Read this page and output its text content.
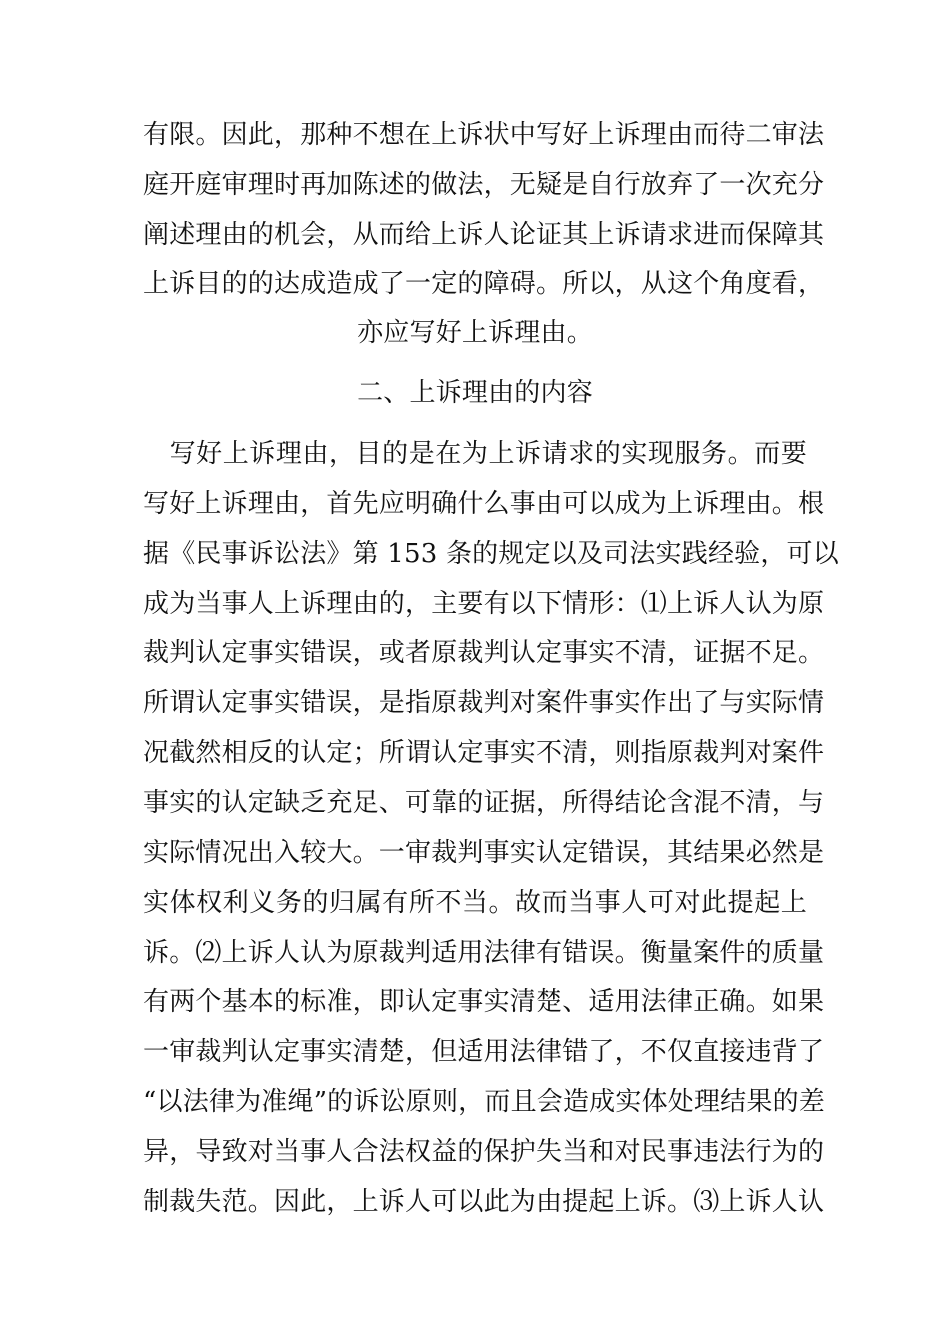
有限。因此，那种不想在上诉状中写好上诉理由而待二审法
庭开庭审理时再加陈述的做法，无疑是自行放弃了一次充分
阐述理由的机会，从而给上诉人论证其上诉请求进而保障其
上诉目的的达成造成了一定的障碍。所以，从这个角度看，
亦应写好上诉理由。
二、上诉理由的内容
　写好上诉理由，目的是在为上诉请求的实现服务。而要
写好上诉理由，首先应明确什么事由可以成为上诉理由。根
据《民事诉讼法》第 153 条的规定以及司法实践经验，可以
成为当事人上诉理由的，主要有以下情形：⑴上诉人认为原
裁判认定事实错误，或者原裁判认定事实不清，证据不足。
所谓认定事实错误，是指原裁判对案件事实作出了与实际情
况截然相反的认定；所谓认定事实不清，则指原裁判对案件
事实的认定缺乏充足、可靠的证据，所得结论含混不清，与
实际情况出入较大。一审裁判事实认定错误，其结果必然是
实体权利义务的归属有所不当。故而当事人可对此提起上
诉。⑵上诉人认为原裁判适用法律有错误。衡量案件的质量
有两个基本的标准，即认定事实清楚、适用法律正确。如果
一审裁判认定事实清楚，但适用法律错了，不仅直接违背了
“以法律为准绳”的诉讼原则，而且会造成实体处理结果的差
异，导致对当事人合法权益的保护失当和对民事违法行为的
制裁失范。因此，上诉人可以此为由提起上诉。⑶上诉人认
